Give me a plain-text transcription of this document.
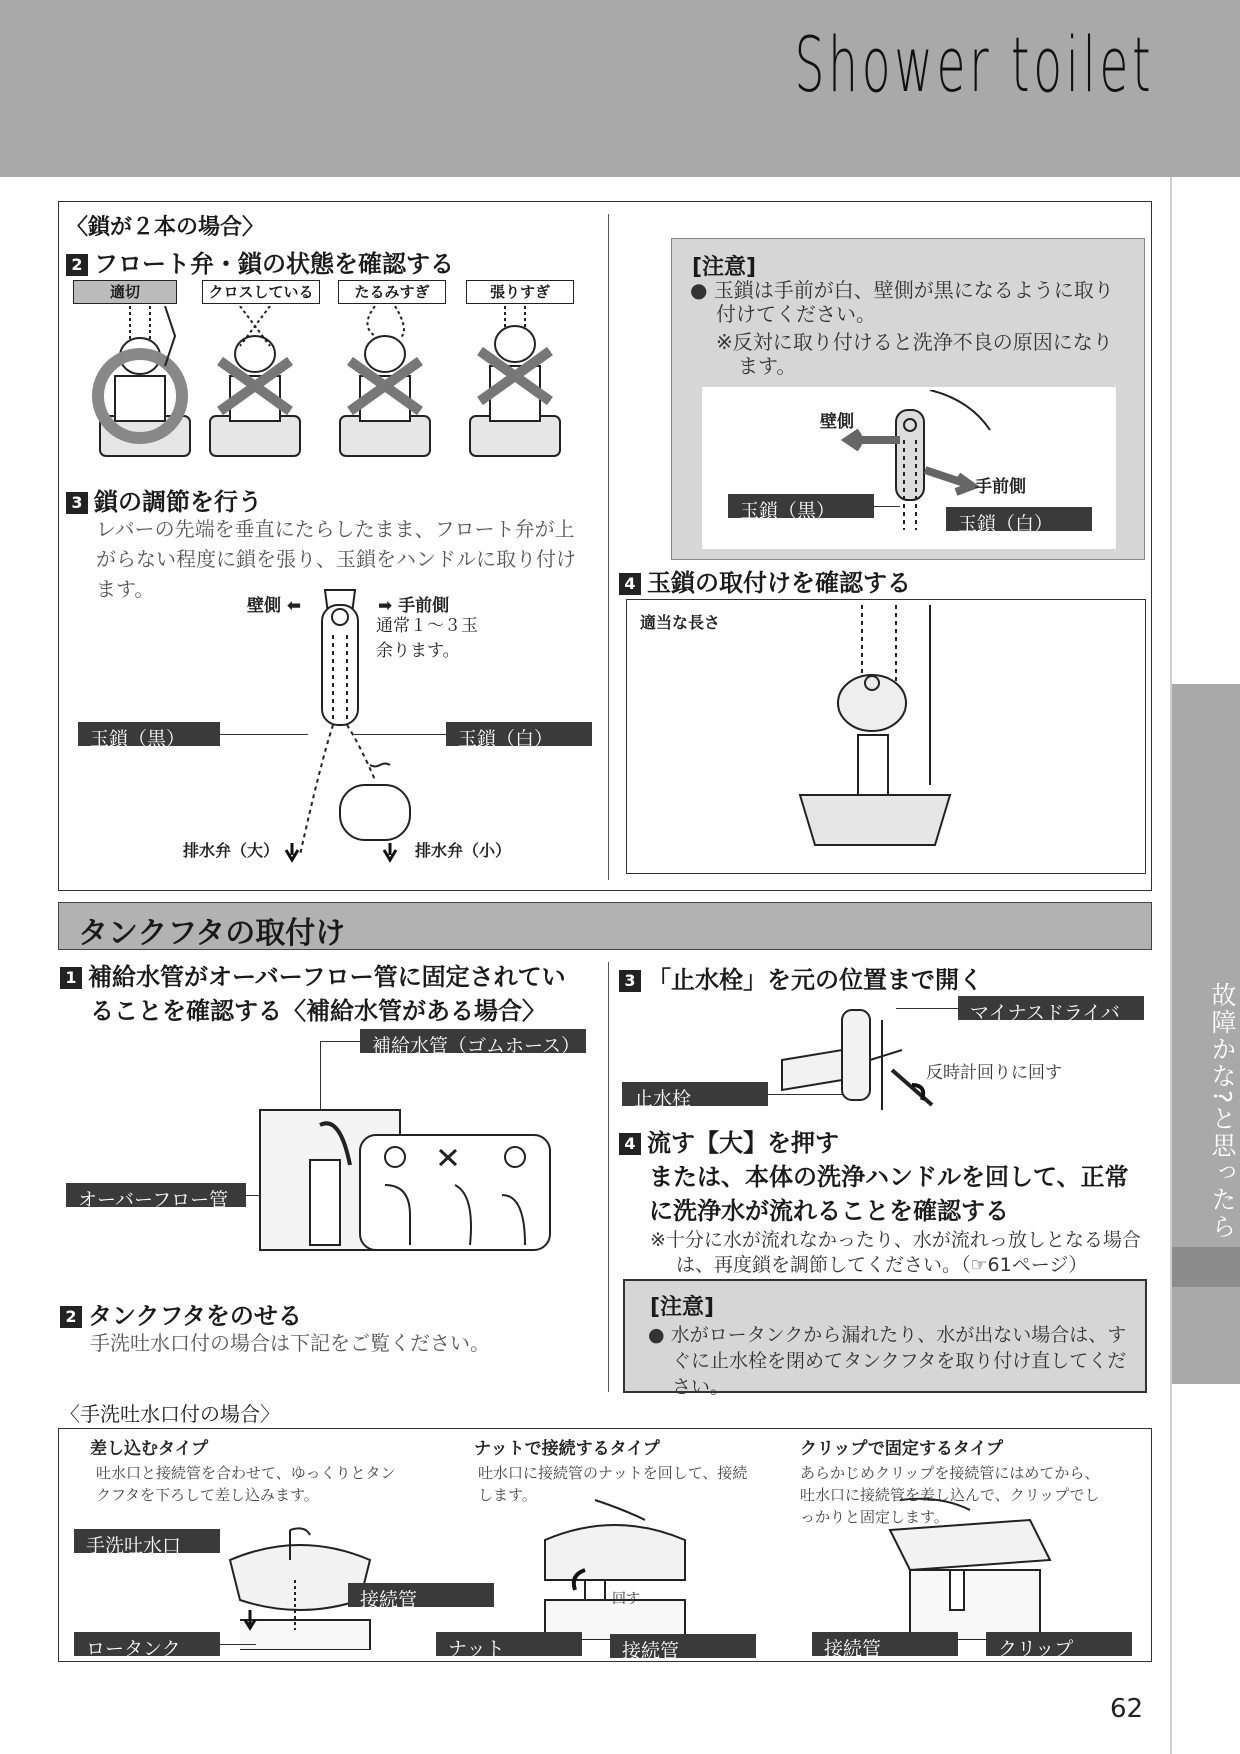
Shower toilet
故障かな?と思ったら
〈鎖が２本の場合〉
2 フロート弁・鎖の状態を確認する
適切	クロスしている	たるみすぎ	張りすぎ
3 鎖の調節を行う
レバーの先端を垂直にたらしたまま、フロート弁が上がらない程度に鎖を張り、玉鎖をハンドルに取り付けます。
壁側 ⬅	➡ 手前側
通常１～３玉
余ります。
玉鎖（黒）	玉鎖（白）
排水弁（大）	排水弁（小）
[注意]
● 玉鎖は手前が白、壁側が黒になるように取り付けてください。
※反対に取り付けると洗浄不良の原因になります。
壁側
手前側
玉鎖（黒）
玉鎖（白）
4 玉鎖の取付けを確認する
適当な長さ
タンクフタの取付け
1 補給水管がオーバーフロー管に固定されてい
ることを確認する〈補給水管がある場合〉
補給水管（ゴムホース）
オーバーフロー管
2 タンクフタをのせる
手洗吐水口付の場合は下記をご覧ください。
3 「止水栓」を元の位置まで開く
マイナスドライバー
止水栓
反時計回りに回す
4 流す【大】を押す
または、本体の洗浄ハンドルを回して、正常
に洗浄水が流れることを確認する
※十分に水が流れなかったり、水が流れっ放しとなる場合は、再度鎖を調節してください。（☞61ページ）
[注意]
● 水がロータンクから漏れたり、水が出ない場合は、すぐに止水栓を閉めてタンクフタを取り付け直してください。
〈手洗吐水口付の場合〉
差し込むタイプ
吐水口と接続管を合わせて、ゆっくりとタンクフタを下ろして差し込みます。
ナットで接続するタイプ
吐水口に接続管のナットを回して、接続します。
クリップで固定するタイプ
あらかじめクリップを接続管にはめてから、吐水口に接続管を差し込んで、クリップでしっかりと固定します。
回す
手洗吐水口
接続管
ロータンク	ナット	接続管	接続管	クリップ
62
